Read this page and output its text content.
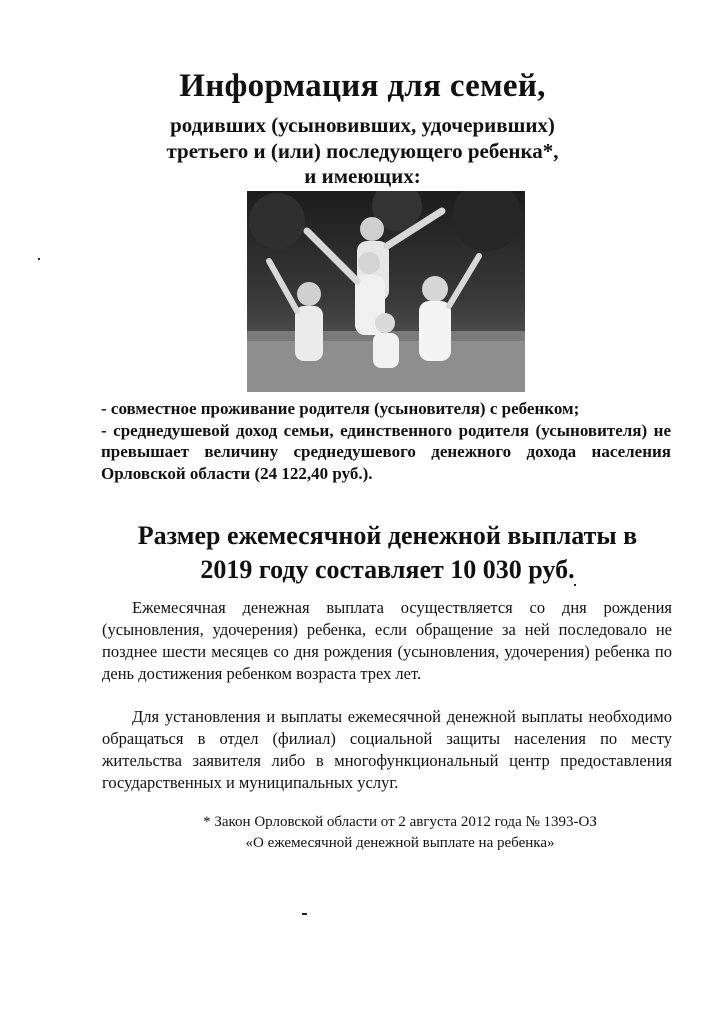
Информация для семей,
родивших (усыновивших, удочеривших)
третьего и (или) последующего ребенка*,
и имеющих:

- совместное проживание родителя (усыновителя) с ребенком;

- среднедушевой доход семьи, единственного родителя (усыновителя) не превышает величину среднедушевого денежного дохода населения Орловской области (24 122,40 руб.).

Размер ежемесячной денежной выплаты в
2019 году составляет 10 030 руб.

Ежемесячная денежная выплата осуществляется со дня рождения (усыновления, удочерения) ребенка, если обращение за ней последовало не позднее шести месяцев со дня рождения (усыновления, удочерения) ребенка по день достижения ребенком возраста трех лет.

Для установления и выплаты ежемесячной денежной выплаты необходимо обращаться в отдел (филиал) социальной защиты населения по месту жительства заявителя либо в многофункциональный центр предоставления государственных и муниципальных услуг.

* Закон Орловской области от 2 августа 2012 года № 1393-ОЗ
«О ежемесячной денежной выплате на ребенка»
